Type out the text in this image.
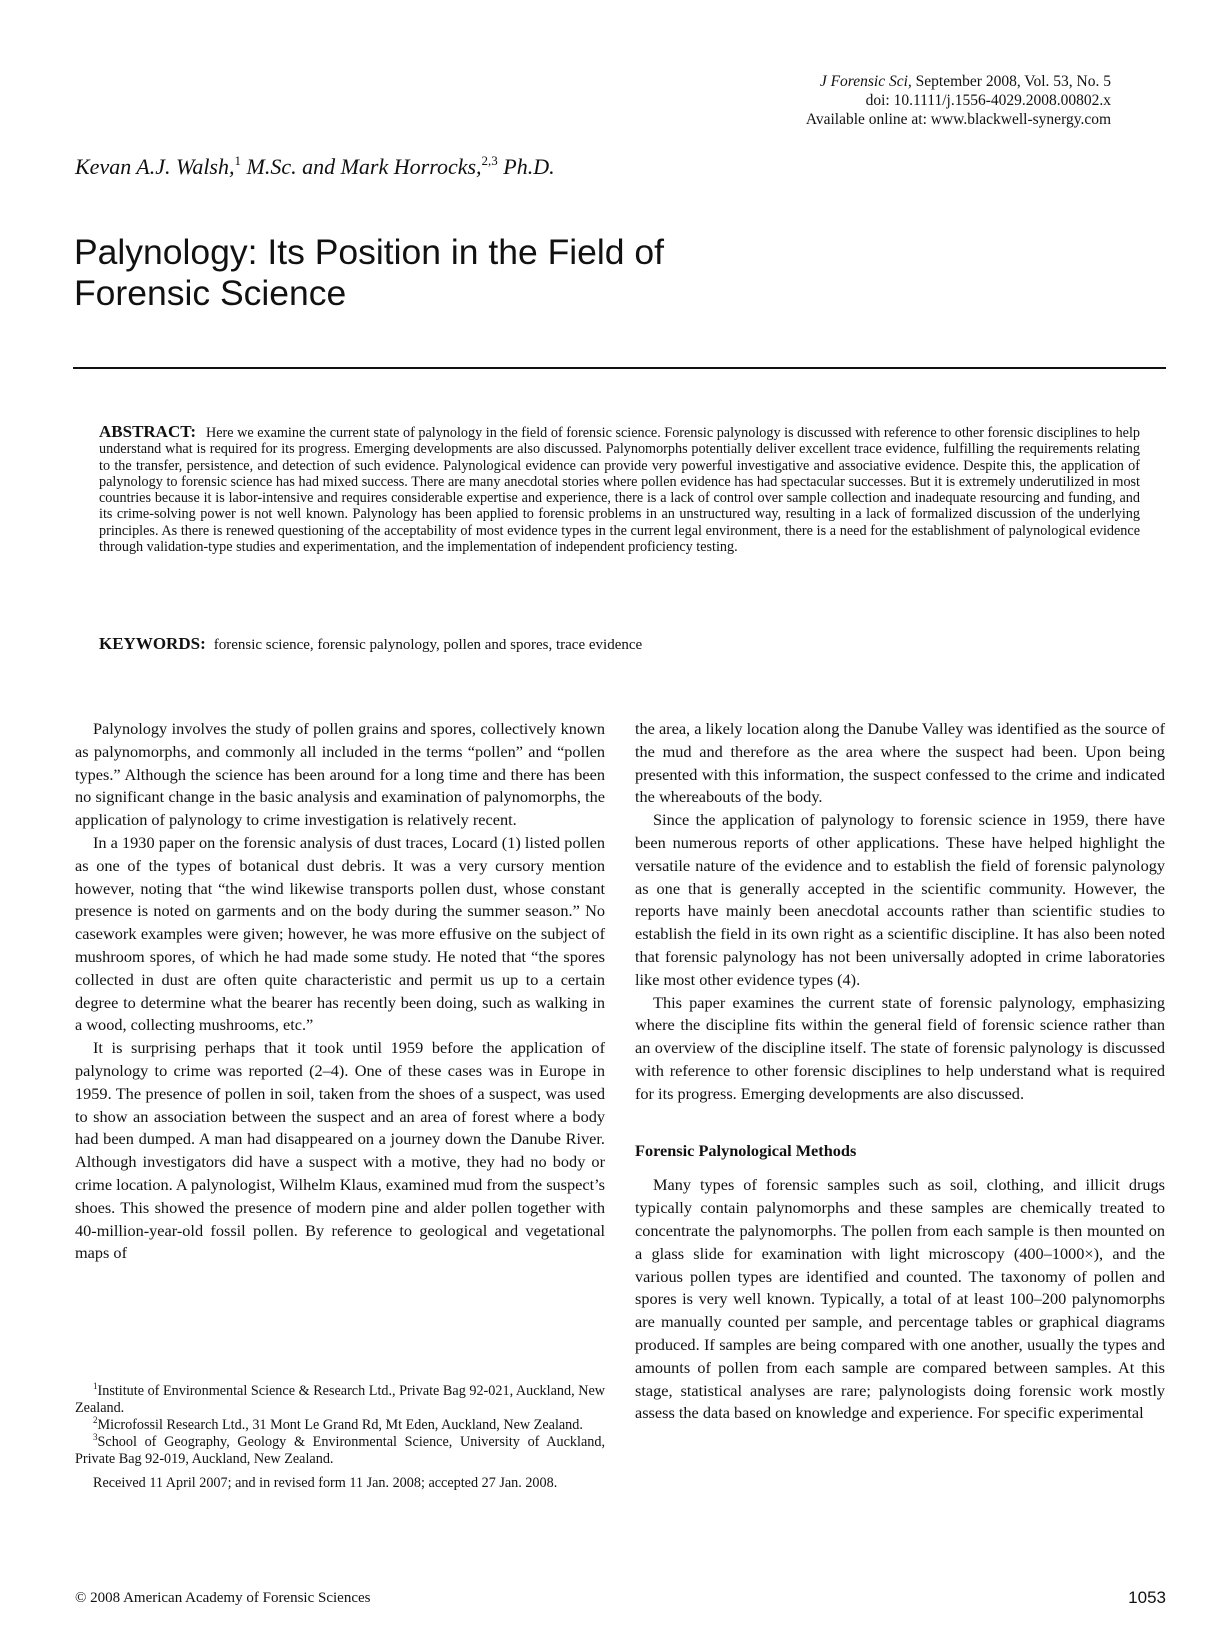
J Forensic Sci, September 2008, Vol. 53, No. 5
doi: 10.1111/j.1556-4029.2008.00802.x
Available online at: www.blackwell-synergy.com
Kevan A.J. Walsh,$^1$ M.Sc. and Mark Horrocks,$^{2,3}$ Ph.D.
Palynology: Its Position in the Field of
Forensic Science
ABSTRACT: Here we examine the current state of palynology in the field of forensic science. Forensic palynology is discussed with reference to other forensic disciplines to help understand what is required for its progress. Emerging developments are also discussed. Palynomorphs potentially deliver excellent trace evidence, fulfilling the requirements relating to the transfer, persistence, and detection of such evidence. Palynological evidence can provide very powerful investigative and associative evidence. Despite this, the application of palynology to forensic science has had mixed success. There are many anecdotal stories where pollen evidence has had spectacular successes. But it is extremely underutilized in most countries because it is labor-intensive and requires considerable expertise and experience, there is a lack of control over sample collection and inadequate resourcing and funding, and its crime-solving power is not well known. Palynology has been applied to forensic problems in an unstructured way, resulting in a lack of formalized discussion of the underlying principles. As there is renewed questioning of the acceptability of most evidence types in the current legal environment, there is a need for the establishment of palynological evidence through validation-type studies and experimentation, and the implementation of independent proficiency testing.
KEYWORDS: forensic science, forensic palynology, pollen and spores, trace evidence

Palynology involves the study of pollen grains and spores, collectively known as palynomorphs, and commonly all included in the terms “pollen” and “pollen types.” Although the science has been around for a long time and there has been no significant change in the basic analysis and examination of palynomorphs, the application of palynology to crime investigation is relatively recent.

In a 1930 paper on the forensic analysis of dust traces, Locard (1) listed pollen as one of the types of botanical dust debris. It was a very cursory mention however, noting that “the wind likewise transports pollen dust, whose constant presence is noted on garments and on the body during the summer season.” No casework examples were given; however, he was more effusive on the subject of mushroom spores, of which he had made some study. He noted that “the spores collected in dust are often quite characteristic and permit us up to a certain degree to determine what the bearer has recently been doing, such as walking in a wood, collecting mushrooms, etc.”

It is surprising perhaps that it took until 1959 before the application of palynology to crime was reported (2–4). One of these cases was in Europe in 1959. The presence of pollen in soil, taken from the shoes of a suspect, was used to show an association between the suspect and an area of forest where a body had been dumped. A man had disappeared on a journey down the Danube River. Although investigators did have a suspect with a motive, they had no body or crime location. A palynologist, Wilhelm Klaus, examined mud from the suspect’s shoes. This showed the presence of modern pine and alder pollen together with 40-million-year-old fossil pollen. By reference to geological and vegetational maps of

the area, a likely location along the Danube Valley was identified as the source of the mud and therefore as the area where the suspect had been. Upon being presented with this information, the suspect confessed to the crime and indicated the whereabouts of the body.

Since the application of palynology to forensic science in 1959, there have been numerous reports of other applications. These have helped highlight the versatile nature of the evidence and to establish the field of forensic palynology as one that is generally accepted in the scientific community. However, the reports have mainly been anecdotal accounts rather than scientific studies to establish the field in its own right as a scientific discipline. It has also been noted that forensic palynology has not been universally adopted in crime laboratories like most other evidence types (4).

This paper examines the current state of forensic palynology, emphasizing where the discipline fits within the general field of forensic science rather than an overview of the discipline itself. The state of forensic palynology is discussed with reference to other forensic disciplines to help understand what is required for its progress. Emerging developments are also discussed.

Forensic Palynological Methods

Many types of forensic samples such as soil, clothing, and illicit drugs typically contain palynomorphs and these samples are chemically treated to concentrate the palynomorphs. The pollen from each sample is then mounted on a glass slide for examination with light microscopy (400–1000×), and the various pollen types are identified and counted. The taxonomy of pollen and spores is very well known. Typically, a total of at least 100–200 palynomorphs are manually counted per sample, and percentage tables or graphical diagrams produced. If samples are being compared with one another, usually the types and amounts of pollen from each sample are compared between samples. At this stage, statistical analyses are rare; palynologists doing forensic work mostly assess the data based on knowledge and experience. For specific experimental

$^1$Institute of Environmental Science & Research Ltd., Private Bag 92-021, Auckland, New Zealand.

$^2$Microfossil Research Ltd., 31 Mont Le Grand Rd, Mt Eden, Auckland, New Zealand.

$^3$School of Geography, Geology & Environmental Science, University of Auckland, Private Bag 92-019, Auckland, New Zealand.

Received 11 April 2007; and in revised form 11 Jan. 2008; accepted 27 Jan. 2008.

© 2008 American Academy of Forensic Sciences	1053
